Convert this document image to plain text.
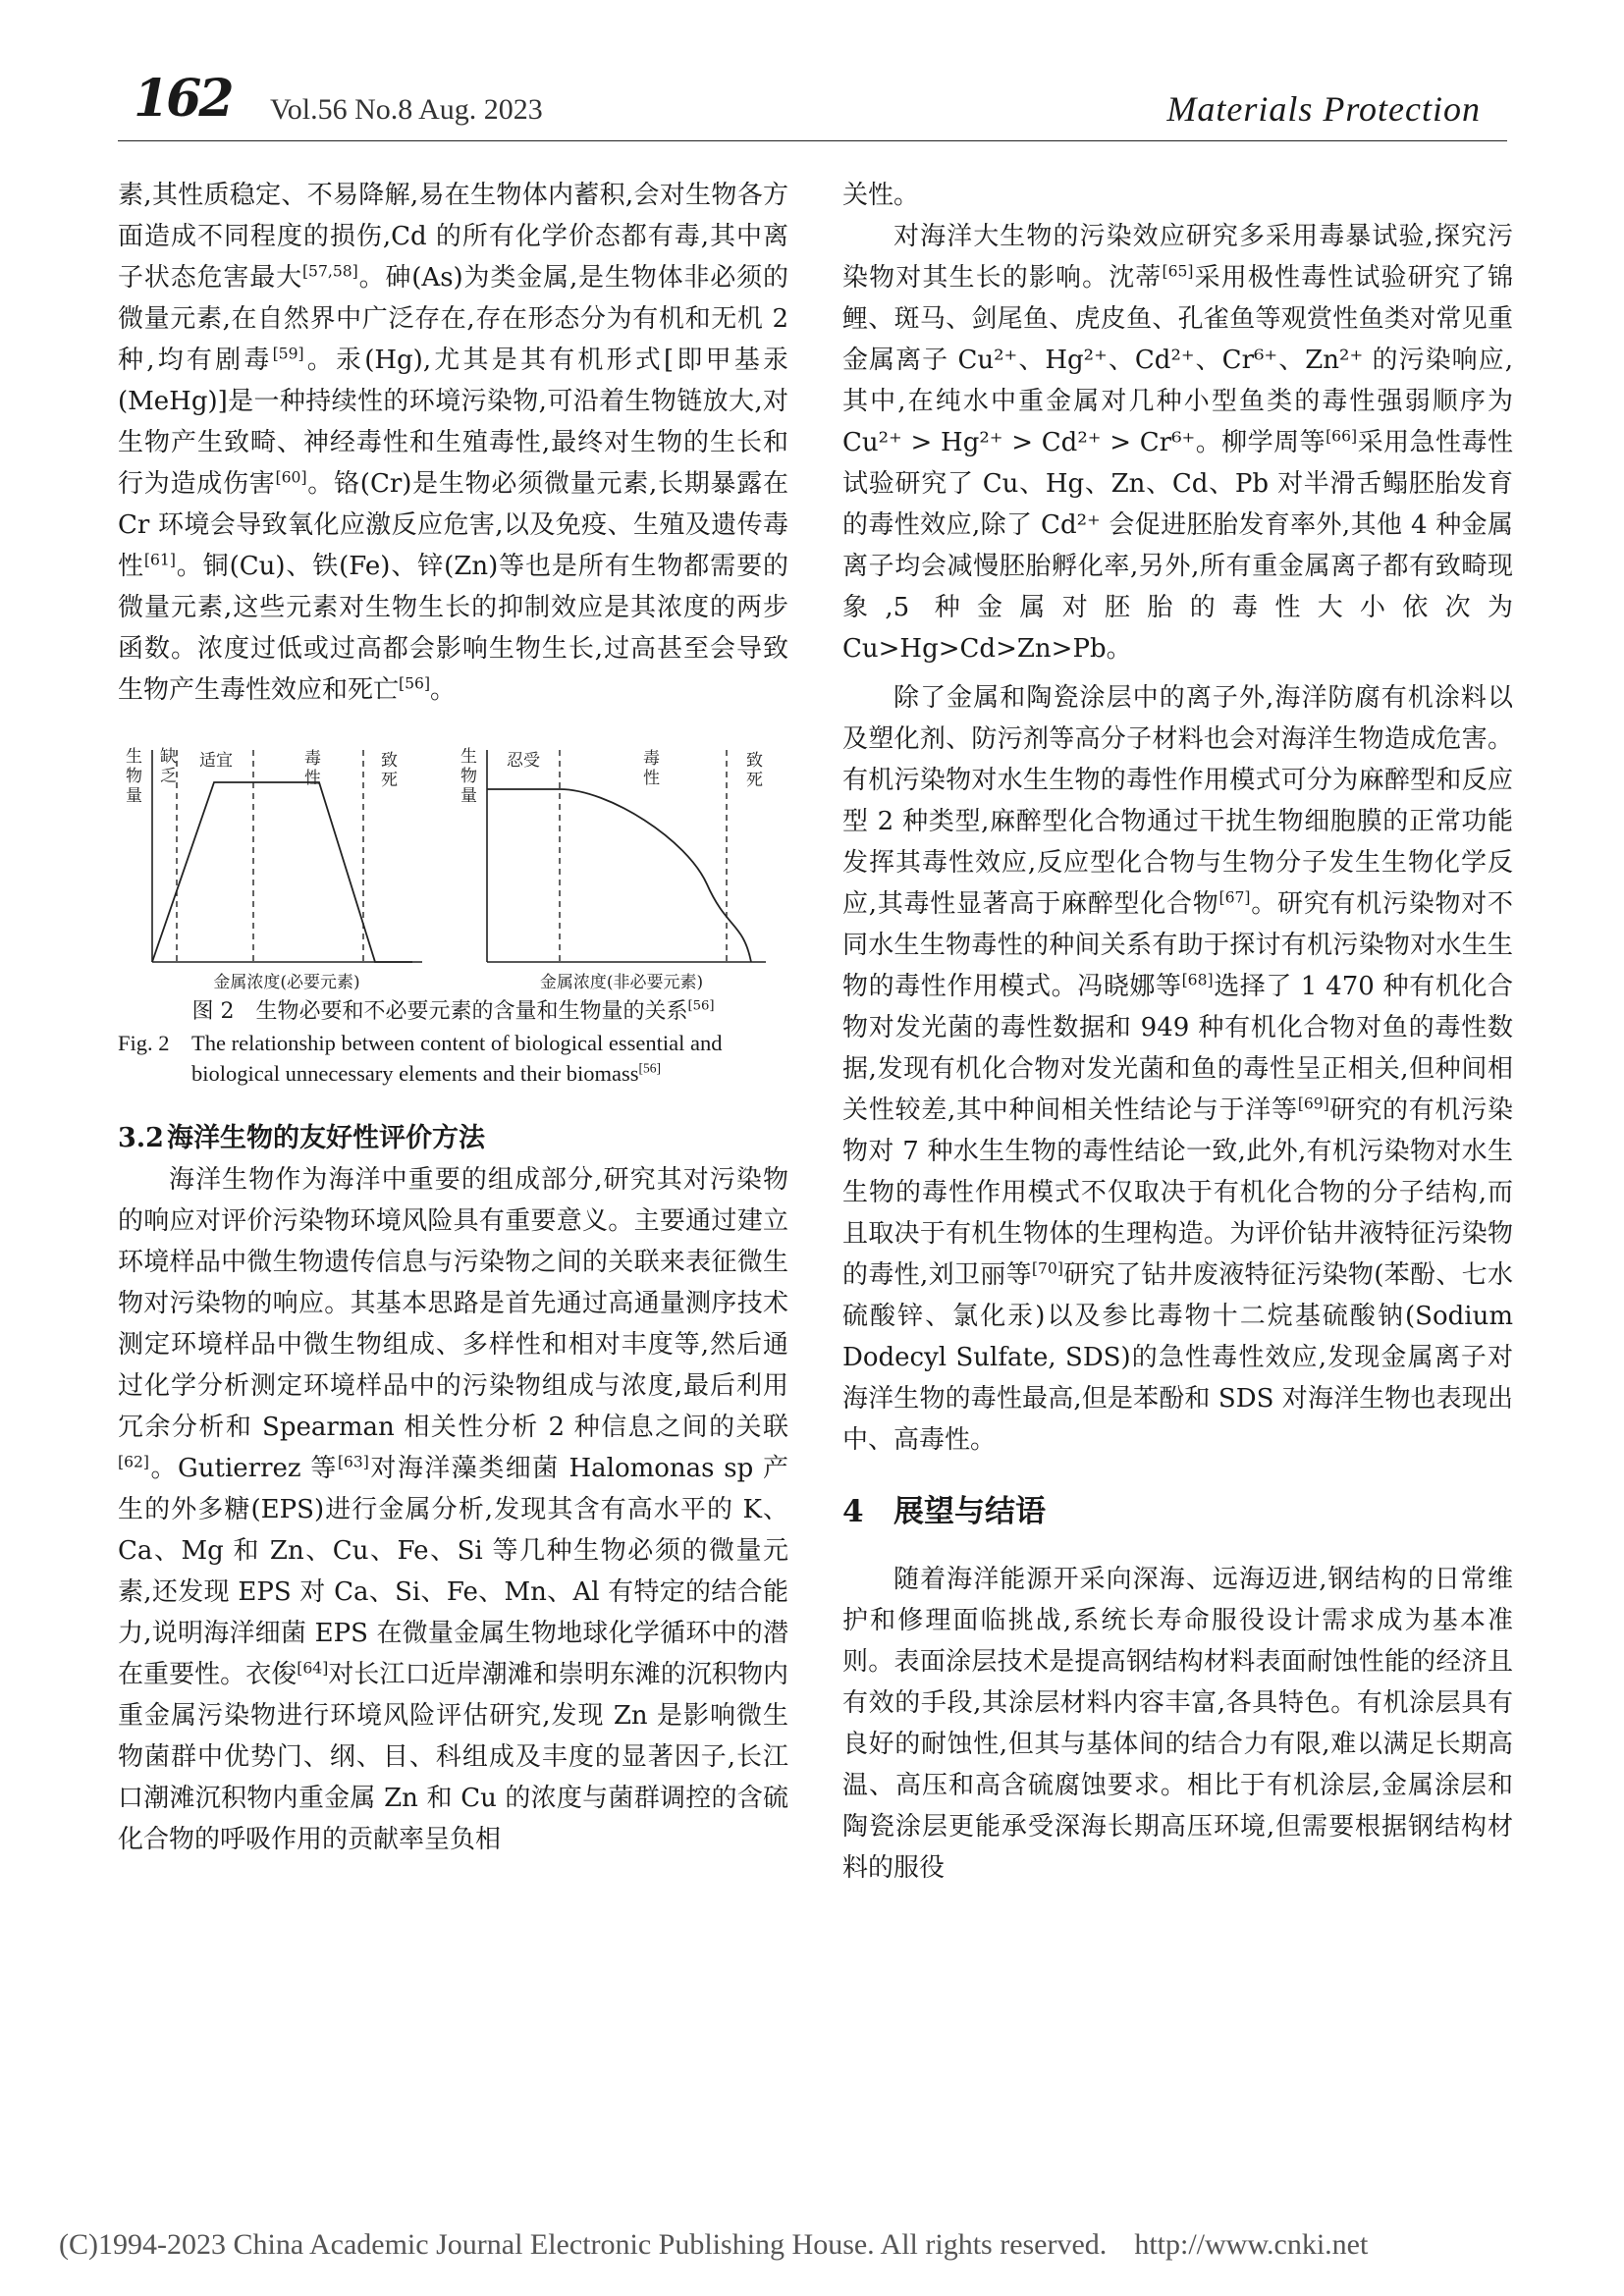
162 Vol.56 No.8 Aug. 2023	Materials Protection

素,其性质稳定、不易降解,易在生物体内蓄积,会对生物各方面造成不同程度的损伤,Cd 的所有化学价态都有毒,其中离子状态危害最大[57,58]。砷(As)为类金属,是生物体非必须的微量元素,在自然界中广泛存在,存在形态分为有机和无机 2 种,均有剧毒[59]。汞(Hg),尤其是其有机形式[即甲基汞(MeHg)]是一种持续性的环境污染物,可沿着生物链放大,对生物产生致畸、神经毒性和生殖毒性,最终对生物的生长和行为造成伤害[60]。铬(Cr)是生物必须微量元素,长期暴露在 Cr 环境会导致氧化应激反应危害,以及免疫、生殖及遗传毒性[61]。铜(Cu)、铁(Fe)、锌(Zn)等也是所有生物都需要的微量元素,这些元素对生物生长的抑制效应是其浓度的两步函数。浓度过低或过高都会影响生物生长,过高甚至会导致生物产生毒性效应和死亡[56]。

缺乏
适宜	毒性
致死
金属浓度(必要元素)
忍受	毒性
致死
金属浓度(非必要元素)
生物量
生物量

图 2　生物必要和不必要元素的含量和生物量的关系[56]

Fig. 2　The relationship between content of biological essential and
biological unnecessary elements and their biomass[56]

3.2 海洋生物的友好性评价方法

海洋生物作为海洋中重要的组成部分,研究其对污染物的响应对评价污染物环境风险具有重要意义。主要通过建立环境样品中微生物遗传信息与污染物之间的关联来表征微生物对污染物的响应。其基本思路是首先通过高通量测序技术测定环境样品中微生物组成、多样性和相对丰度等,然后通过化学分析测定环境样品中的污染物组成与浓度,最后利用冗余分析和 Spearman 相关性分析 2 种信息之间的关联[62]。Gutierrez 等[63]对海洋藻类细菌 Halomonas sp 产生的外多糖(EPS)进行金属分析,发现其含有高水平的 K、Ca、Mg 和 Zn、Cu、Fe、Si 等几种生物必须的微量元素,还发现 EPS 对 Ca、Si、Fe、Mn、Al 有特定的结合能力,说明海洋细菌 EPS 在微量金属生物地球化学循环中的潜在重要性。衣俊[64]对长江口近岸潮滩和崇明东滩的沉积物内重金属污染物进行环境风险评估研究,发现 Zn 是影响微生物菌群中优势门、纲、目、科组成及丰度的显著因子,长江口潮滩沉积物内重金属 Zn 和 Cu 的浓度与菌群调控的含硫化合物的呼吸作用的贡献率呈负相

关性。

对海洋大生物的污染效应研究多采用毒暴试验,探究污染物对其生长的影响。沈蒂[65]采用极性毒性试验研究了锦鲤、斑马、剑尾鱼、虎皮鱼、孔雀鱼等观赏性鱼类对常见重金属离子 Cu²⁺、Hg²⁺、Cd²⁺、Cr⁶⁺、Zn²⁺ 的污染响应,其中,在纯水中重金属对几种小型鱼类的毒性强弱顺序为 Cu²⁺ > Hg²⁺ > Cd²⁺ > Cr⁶⁺。柳学周等[66]采用急性毒性试验研究了 Cu、Hg、Zn、Cd、Pb 对半滑舌鳎胚胎发育的毒性效应,除了 Cd²⁺ 会促进胚胎发育率外,其他 4 种金属离子均会减慢胚胎孵化率,另外,所有重金属离子都有致畸现象,5 种金属对胚胎的毒性大小依次为 Cu>Hg>Cd>Zn>Pb。

除了金属和陶瓷涂层中的离子外,海洋防腐有机涂料以及塑化剂、防污剂等高分子材料也会对海洋生物造成危害。有机污染物对水生生物的毒性作用模式可分为麻醉型和反应型 2 种类型,麻醉型化合物通过干扰生物细胞膜的正常功能发挥其毒性效应,反应型化合物与生物分子发生生物化学反应,其毒性显著高于麻醉型化合物[67]。研究有机污染物对不同水生生物毒性的种间关系有助于探讨有机污染物对水生生物的毒性作用模式。冯晓娜等[68]选择了 1 470 种有机化合物对发光菌的毒性数据和 949 种有机化合物对鱼的毒性数据,发现有机化合物对发光菌和鱼的毒性呈正相关,但种间相关性较差,其中种间相关性结论与于洋等[69]研究的有机污染物对 7 种水生生物的毒性结论一致,此外,有机污染物对水生生物的毒性作用模式不仅取决于有机化合物的分子结构,而且取决于有机生物体的生理构造。为评价钻井液特征污染物的毒性,刘卫丽等[70]研究了钻井废液特征污染物(苯酚、七水硫酸锌、氯化汞)以及参比毒物十二烷基硫酸钠(Sodium Dodecyl Sulfate, SDS)的急性毒性效应,发现金属离子对海洋生物的毒性最高,但是苯酚和 SDS 对海洋生物也表现出中、高毒性。

4 展望与结语

随着海洋能源开采向深海、远海迈进,钢结构的日常维护和修理面临挑战,系统长寿命服役设计需求成为基本准则。表面涂层技术是提高钢结构材料表面耐蚀性能的经济且有效的手段,其涂层材料内容丰富,各具特色。有机涂层具有良好的耐蚀性,但其与基体间的结合力有限,难以满足长期高温、高压和高含硫腐蚀要求。相比于有机涂层,金属涂层和陶瓷涂层更能承受深海长期高压环境,但需要根据钢结构材料的服役

(C)1994-2023 China Academic Journal Electronic Publishing House. All rights reserved. http://www.cnki.net
